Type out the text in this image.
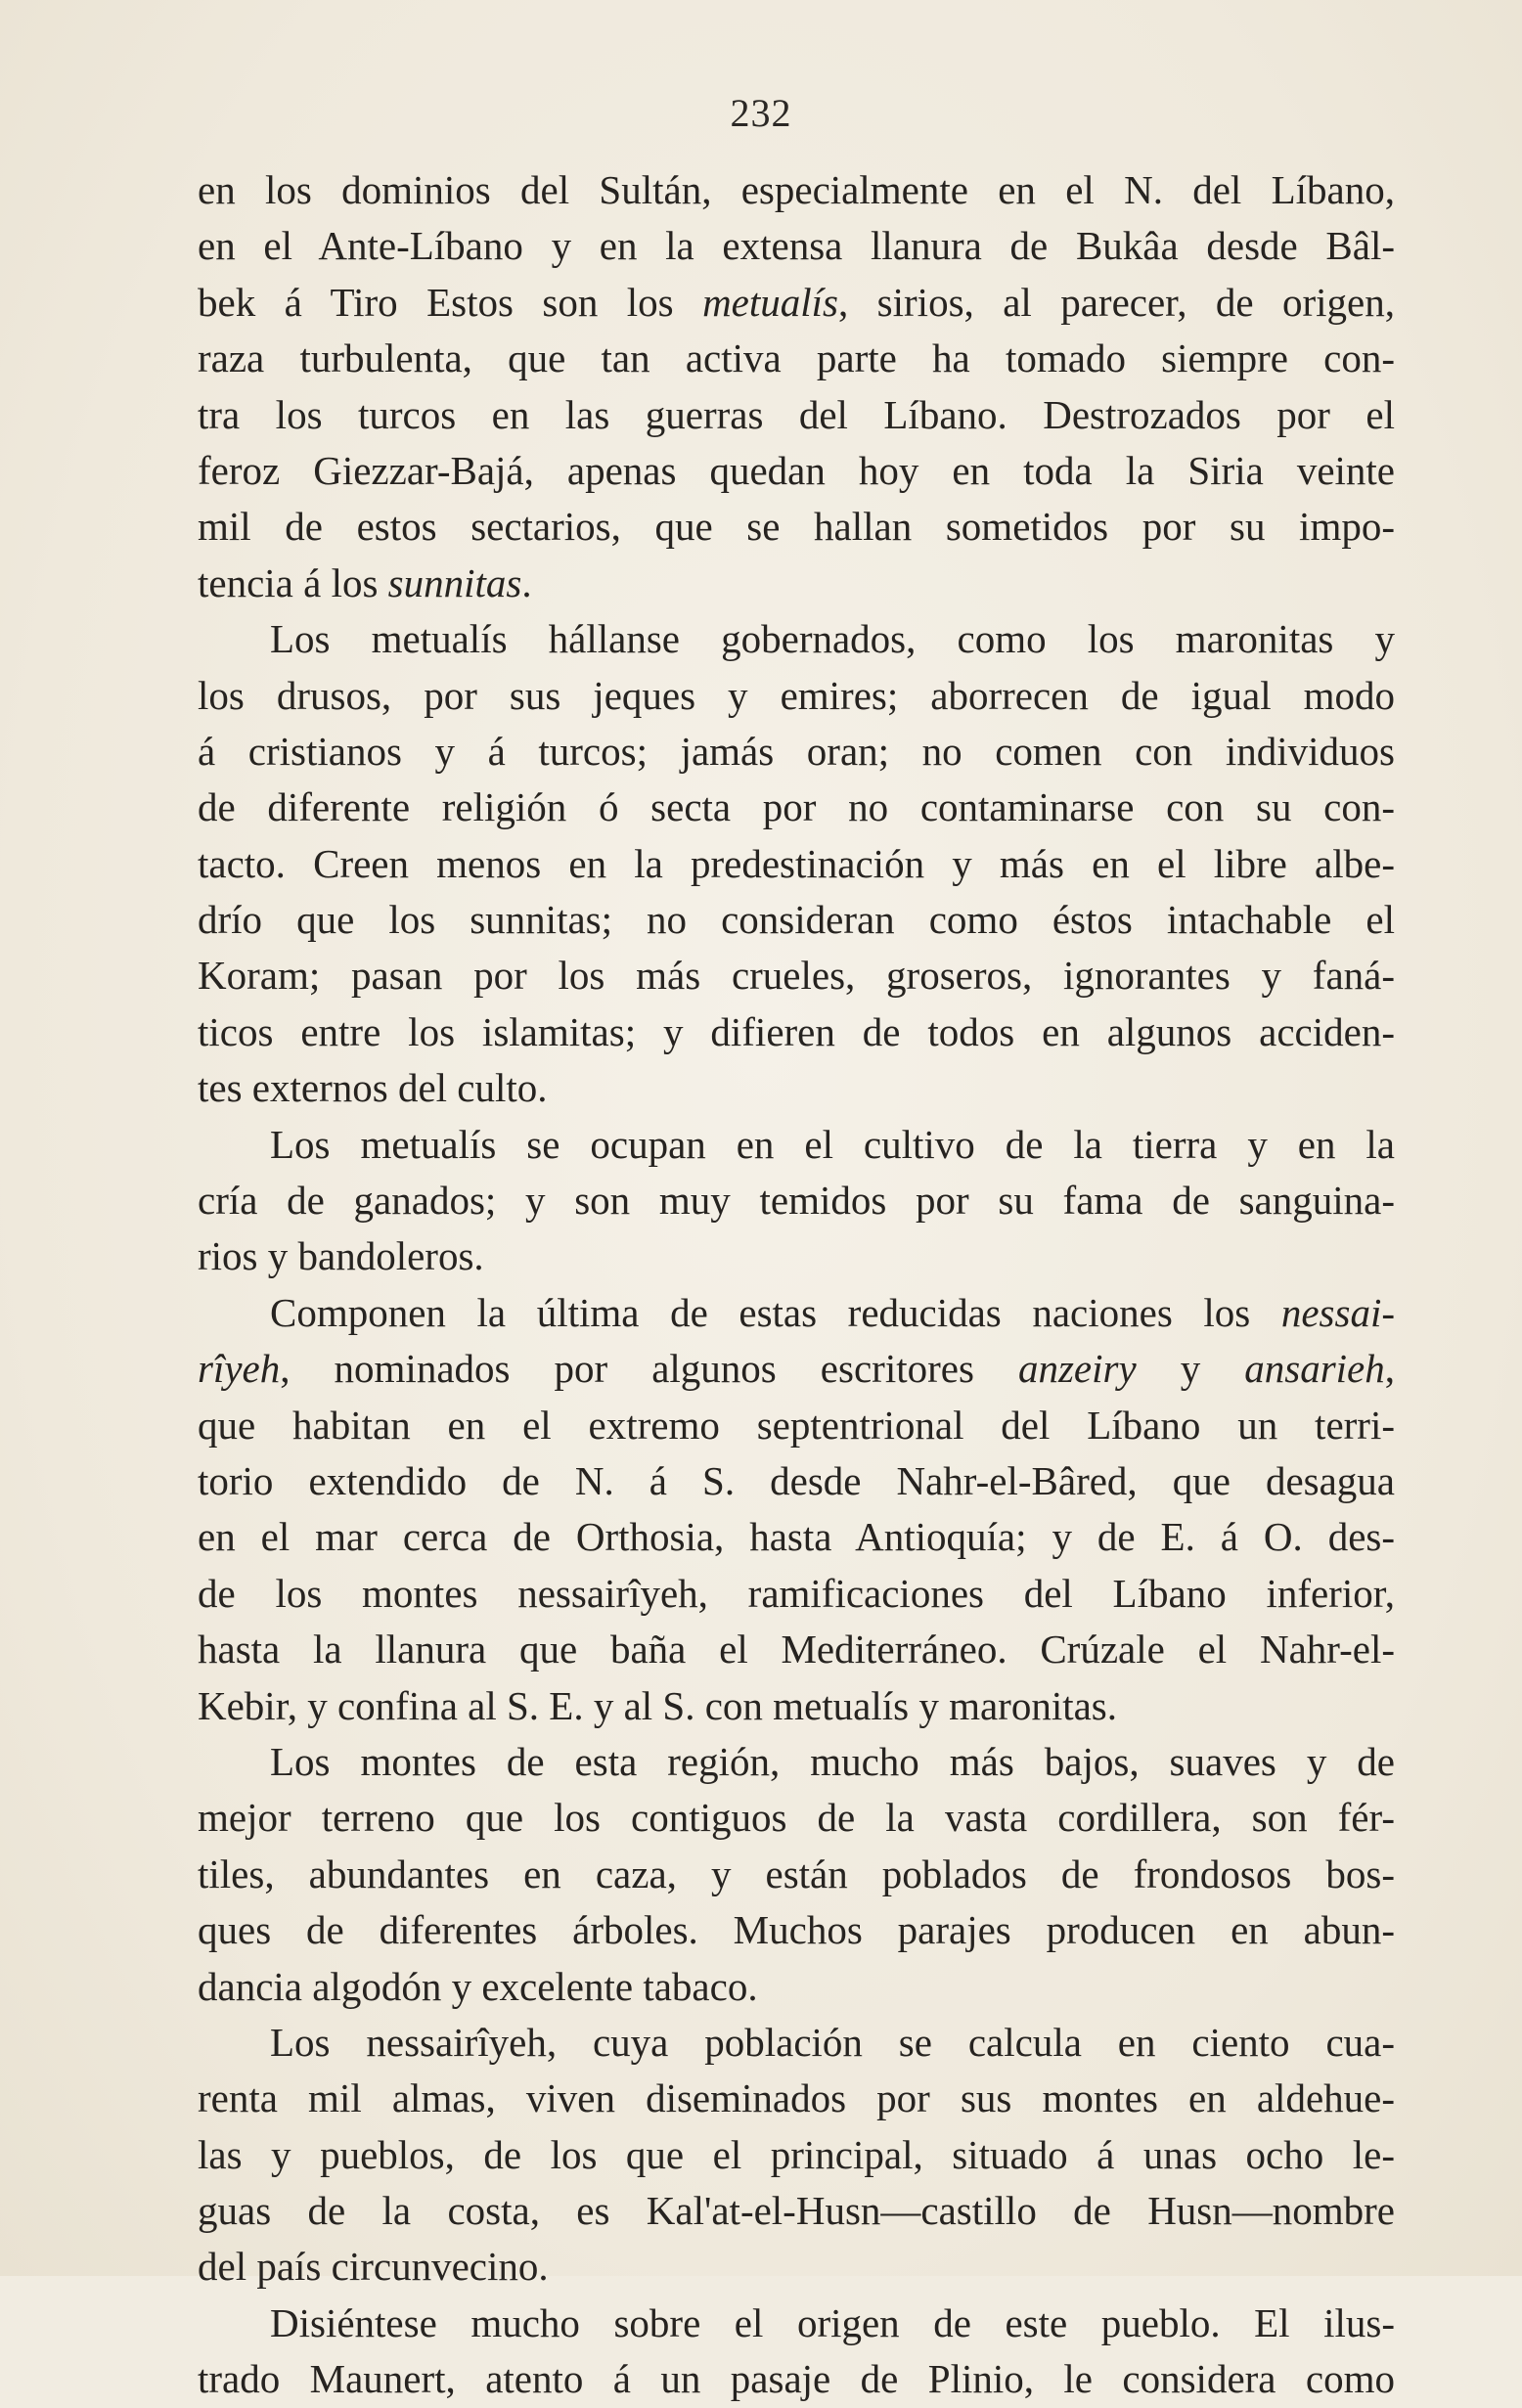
232
en los dominios del Sultán, especialmente en el N. del Líbano,
en el Ante-Líbano y en la extensa llanura de Bukâa desde Bâl-
bek á Tiro Estos son los metualís, sirios, al parecer, de origen,
raza turbulenta, que tan activa parte ha tomado siempre con-
tra los turcos en las guerras del Líbano. Destrozados por el
feroz Giezzar-Bajá, apenas quedan hoy en toda la Siria veinte
mil de estos sectarios, que se hallan sometidos por su impo-
tencia á los sunnitas.
Los metualís hállanse gobernados, como los maronitas y
los drusos, por sus jeques y emires; aborrecen de igual modo
á cristianos y á turcos; jamás oran; no comen con individuos
de diferente religión ó secta por no contaminarse con su con-
tacto. Creen menos en la predestinación y más en el libre albe-
drío que los sunnitas; no consideran como éstos intachable el
Koram; pasan por los más crueles, groseros, ignorantes y faná-
ticos entre los islamitas; y difieren de todos en algunos acciden-
tes externos del culto.
Los metualís se ocupan en el cultivo de la tierra y en la
cría de ganados; y son muy temidos por su fama de sanguina-
rios y bandoleros.
Componen la última de estas reducidas naciones los nessai-
rîyeh, nominados por algunos escritores anzeiry y ansarieh,
que habitan en el extremo septentrional del Líbano un terri-
torio extendido de N. á S. desde Nahr-el-Bâred, que desagua
en el mar cerca de Orthosia, hasta Antioquía; y de E. á O. des-
de los montes nessairîyeh, ramificaciones del Líbano inferior,
hasta la llanura que baña el Mediterráneo. Crúzale el Nahr-el-
Kebir, y confina al S. E. y al S. con metualís y maronitas.
Los montes de esta región, mucho más bajos, suaves y de
mejor terreno que los contiguos de la vasta cordillera, son fér-
tiles, abundantes en caza, y están poblados de frondosos bos-
ques de diferentes árboles. Muchos parajes producen en abun-
dancia algodón y excelente tabaco.
Los nessairîyeh, cuya población se calcula en ciento cua-
renta mil almas, viven diseminados por sus montes en aldehue-
las y pueblos, de los que el principal, situado á unas ocho le-
guas de la costa, es Kal'at-el-Husn—castillo de Husn—nombre
del país circunvecino.
Disiéntese mucho sobre el origen de este pueblo. El ilus-
trado Maunert, atento á un pasaje de Plinio, le considera como
